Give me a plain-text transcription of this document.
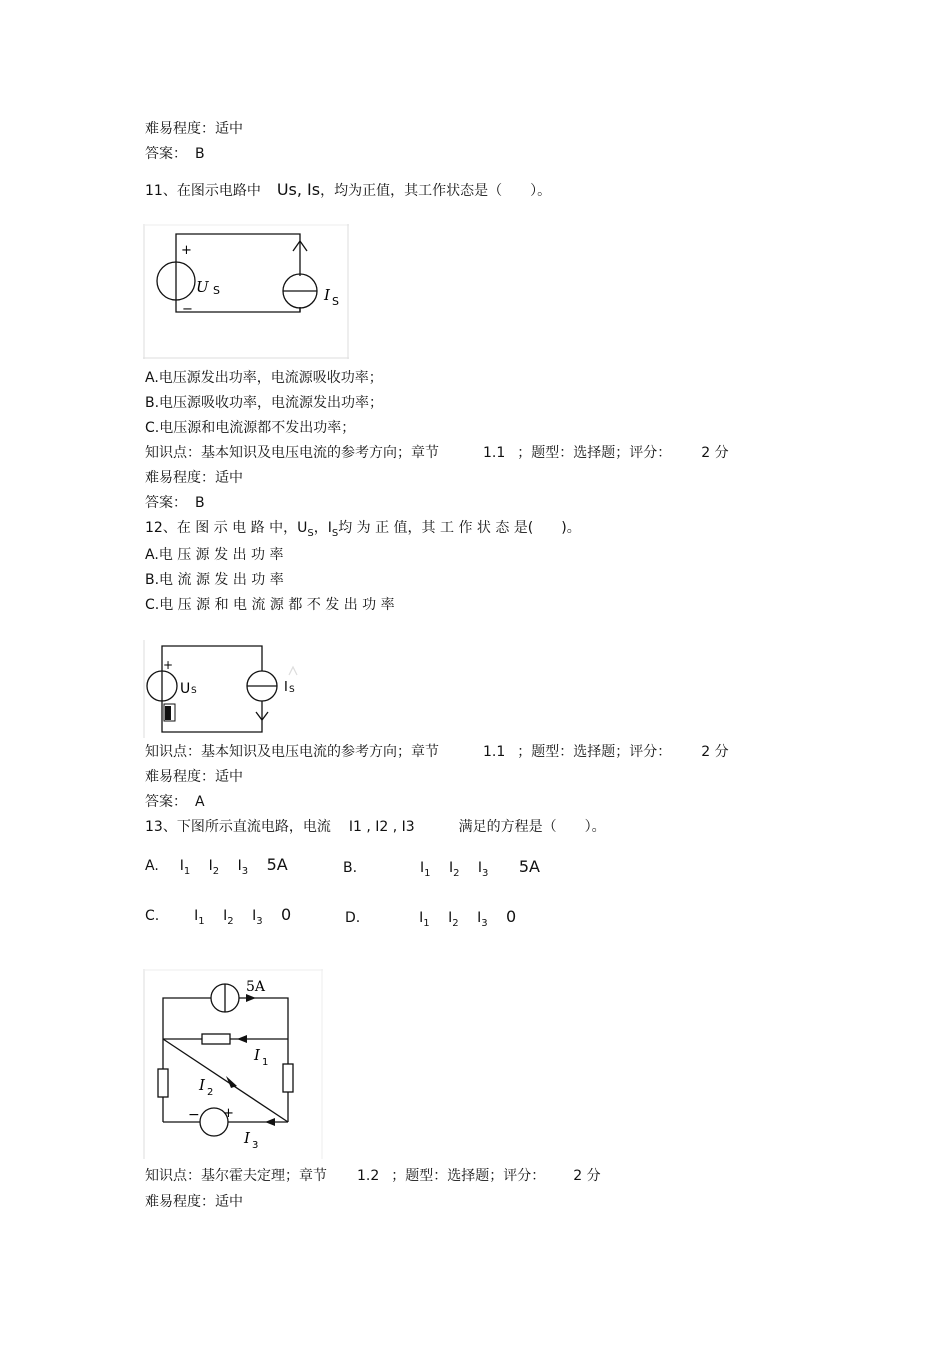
难易程度：适中
答案： B
11、在图示电路中 Us, Is，均为正值，其工作状态是（　　）。
+
−
U S	I S
A.电压源发出功率，电流源吸收功率；
B.电压源吸收功率，电流源发出功率；
C.电压源和电流源都不发出功率；
知识点：基本知识及电压电流的参考方向；章节	1.1 ；题型：选择题；评分： 2 分
难易程度：适中
答案： B
12、在 图 示 电 路 中，$U_S$，$I_S$均 为 正 值，其 工 作 状 态 是(　　)。
A.电 压 源 发 出 功 率
B.电 流 源 发 出 功 率
C.电 压 源 和 电 流 源 都 不 发 出 功 率
+
U S	I S
知识点：基本知识及电压电流的参考方向；章节	1.1 ；题型：选择题；评分： 2 分
难易程度：适中
答案： A
13、下图所示直流电路，电流 I1 , I2 , I3	满足的方程是（　　）。
A. $I_1$ $I_2$ $I_3$ 5A	B.	$I_1$ $I_2$ $I_3$ 5A
C. $I_1$ $I_2$ $I_3$ 0	D.	$I_1$ $I_2$ $I_3$ 0
5A
I 1
I 2
I 3
− +
知识点：基尔霍夫定理；章节 1.2 ；题型：选择题；评分： 2 分
难易程度：适中
